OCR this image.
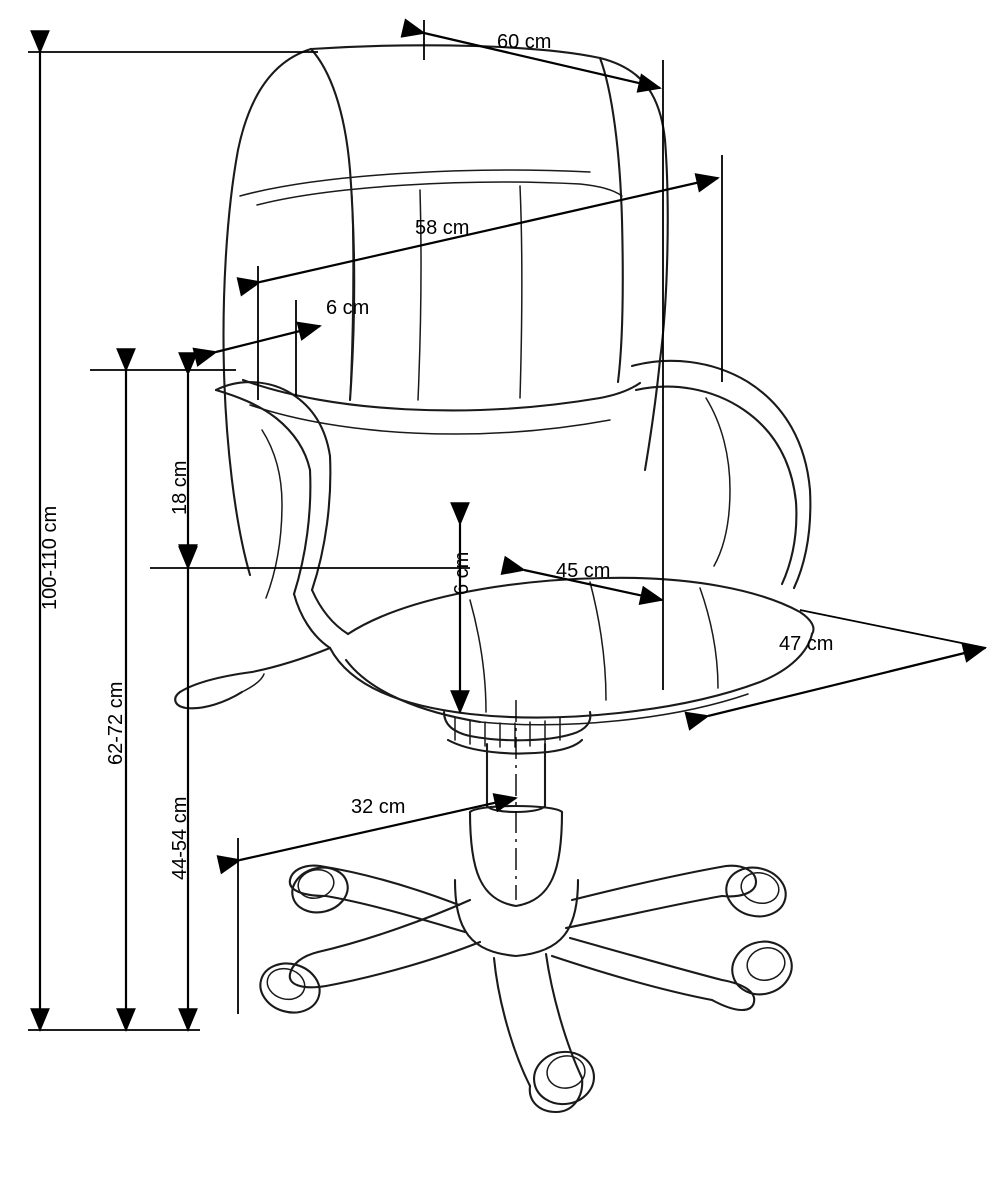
100-110 cm
62-72 cm
44-54 cm
18 cm
6 cm
60 cm
58 cm
6 cm
45 cm
47 cm
32 cm
